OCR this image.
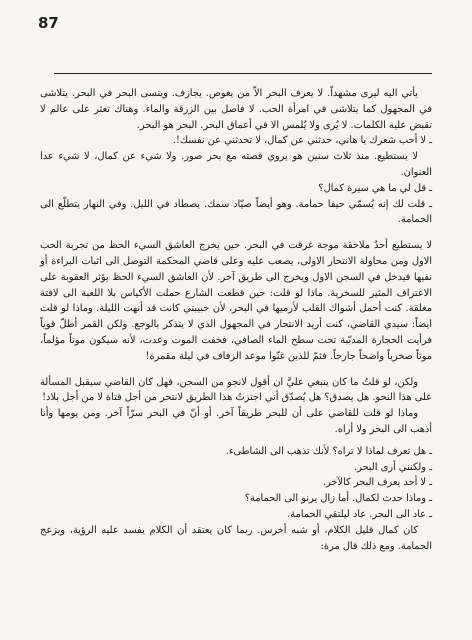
87

يأتي اليه ليرى مشهداً. لا يعرف البحر الاّ من يغوص. يجازف. وينسى البحر في البحر. يتلاشى في المجهول كما يتلاشى في امرأة الحب. لا فاصل بين الزرقة والماء. وهناك تعثر على عالم لا تقبض عليه الكلمات. لا يُرى ولا يُلمس الا في أعماق البحر. البحر هو البحر.

ـ لا أحب شعرك يا هاني، حدثني عن كمال، لا تحدثني عن نفسك!.

لا يستطيع. منذ ثلاث سنين هو يروي قصته مع بحر صور. ولا شيء عن كمال، لا شيء عدا العنوان.

ـ قل لي ما هي سيرة كمال؟

ـ قلت لك إنه يُسمّي حيفا حمامة. وهو أيضاً صيّاد سمك. يصطاد في الليل. وفي النهار يتطلّع الى الحمامة.

لا يستطيع أحدٌ ملاحقة موجة غرقت في البحر. حين يخرج العاشق السيء الحظ من تجربة الحب الاول ومن محاولة الانتحار الاولى، يصعب عليه وعلى قاضي المحكمة التوصل الى اثبات البراءة أو نفيها فيدخل في السجن الاول ويخرج الى طريق آخر. لأن العاشق السيء الحظ يؤثر العقوبة على الاعتراف المثير للسخرية. ماذا لو قلت: حين قطعت الشارع حملت الأكياس بلا اللعبة الى لافتة مغلقة. كنت أحمل أشواك القلب لأرميها في البحر، لأن حبيبتي كانت قد أنهت الليلة. وماذا لو قلت ايضاً: سيدي القاضي، كنت أريد الانتحار في المجهول الذي لا يتذكر بالوجع. ولكن القمر أطلّ قوياً فرأيت الحجارة المدبّبة تحت سطح الماء الصافي، فخفت الموت وعدت، لأنه سيكون موتاً مؤلماً، موتاً صخرياً واضحاً جارحاً. فثمّ للذين غنّوا موعد الزفاف في ليلة مقمرة!

ولكن، لو قلتُ ما كان ينبغي عليَّ ان أقول لانجو من السجن، فهل كان القاضي سيقبل المسألة على هذا النحو. هل يصدق؟ هل يُصدّق أني اجتزتُ هذا الطريق لانتحر من أجل فتاة لا من أجل بلاد!

وماذا لو قلت للقاضي على أن للبحر طريقاً آخر. أو أنّ في البحر سرّاً آخر. ومن يومها وأنا أذهب الى البحر ولا أراه.

ـ هل تعرف لماذا لا تراه؟ لأنك تذهب الى الشاطىء.

ـ ولكنني أرى البحر.

ـ لا أحد يعرف البحر كالآخر.

ـ وماذا حدث لكمال. أما زال يرنو الى الحمامة؟

ـ عاد الى البحر. عاد ليلتقي الحمامة.

كان كمال قليل الكلام، أو شبه أخرس. ربما كان يعتقد أن الكلام يفسد عليه الرؤية، ويزعج الحمامة. ومع ذلك قال مرة:
